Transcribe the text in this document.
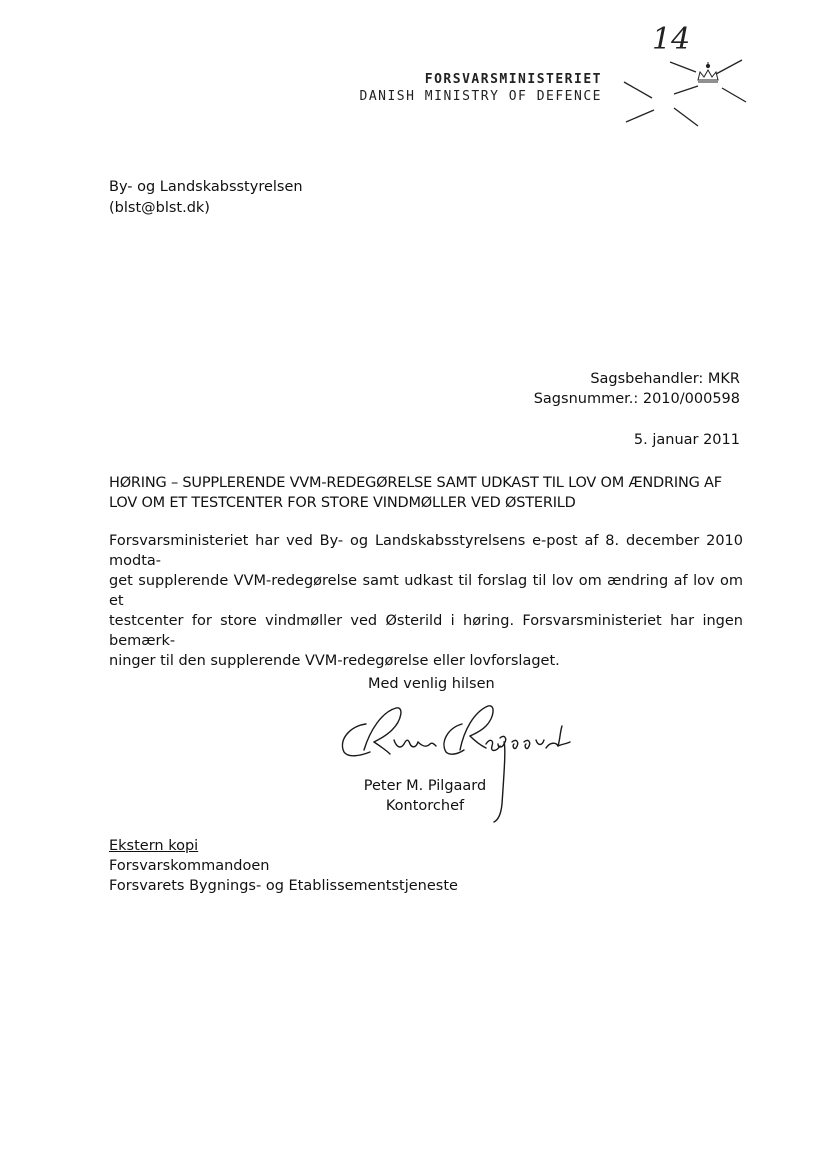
14
FORSVARSMINISTERIET
DANISH MINISTRY OF DEFENCE
By- og Landskabsstyrelsen
(blst@blst.dk)
Sagsbehandler: MKR
Sagsnummer.: 2010/000598
5. januar 2011
HØRING – SUPPLERENDE VVM-REDEGØRELSE SAMT UDKAST TIL LOV OM ÆNDRING AF
LOV OM ET TESTCENTER FOR STORE VINDMØLLER VED ØSTERILD
Forsvarsministeriet har ved By- og Landskabsstyrelsens e-post af 8. december 2010 modta-
get supplerende VVM-redegørelse samt udkast til forslag til lov om ændring af lov om et
testcenter for store vindmøller ved Østerild i høring. Forsvarsministeriet har ingen bemærk-
ninger til den supplerende VVM-redegørelse eller lovforslaget.
Med venlig hilsen
Peter M. Pilgaard
Kontorchef
Ekstern kopi
Forsvarskommandoen
Forsvarets Bygnings- og Etablissementstjeneste
